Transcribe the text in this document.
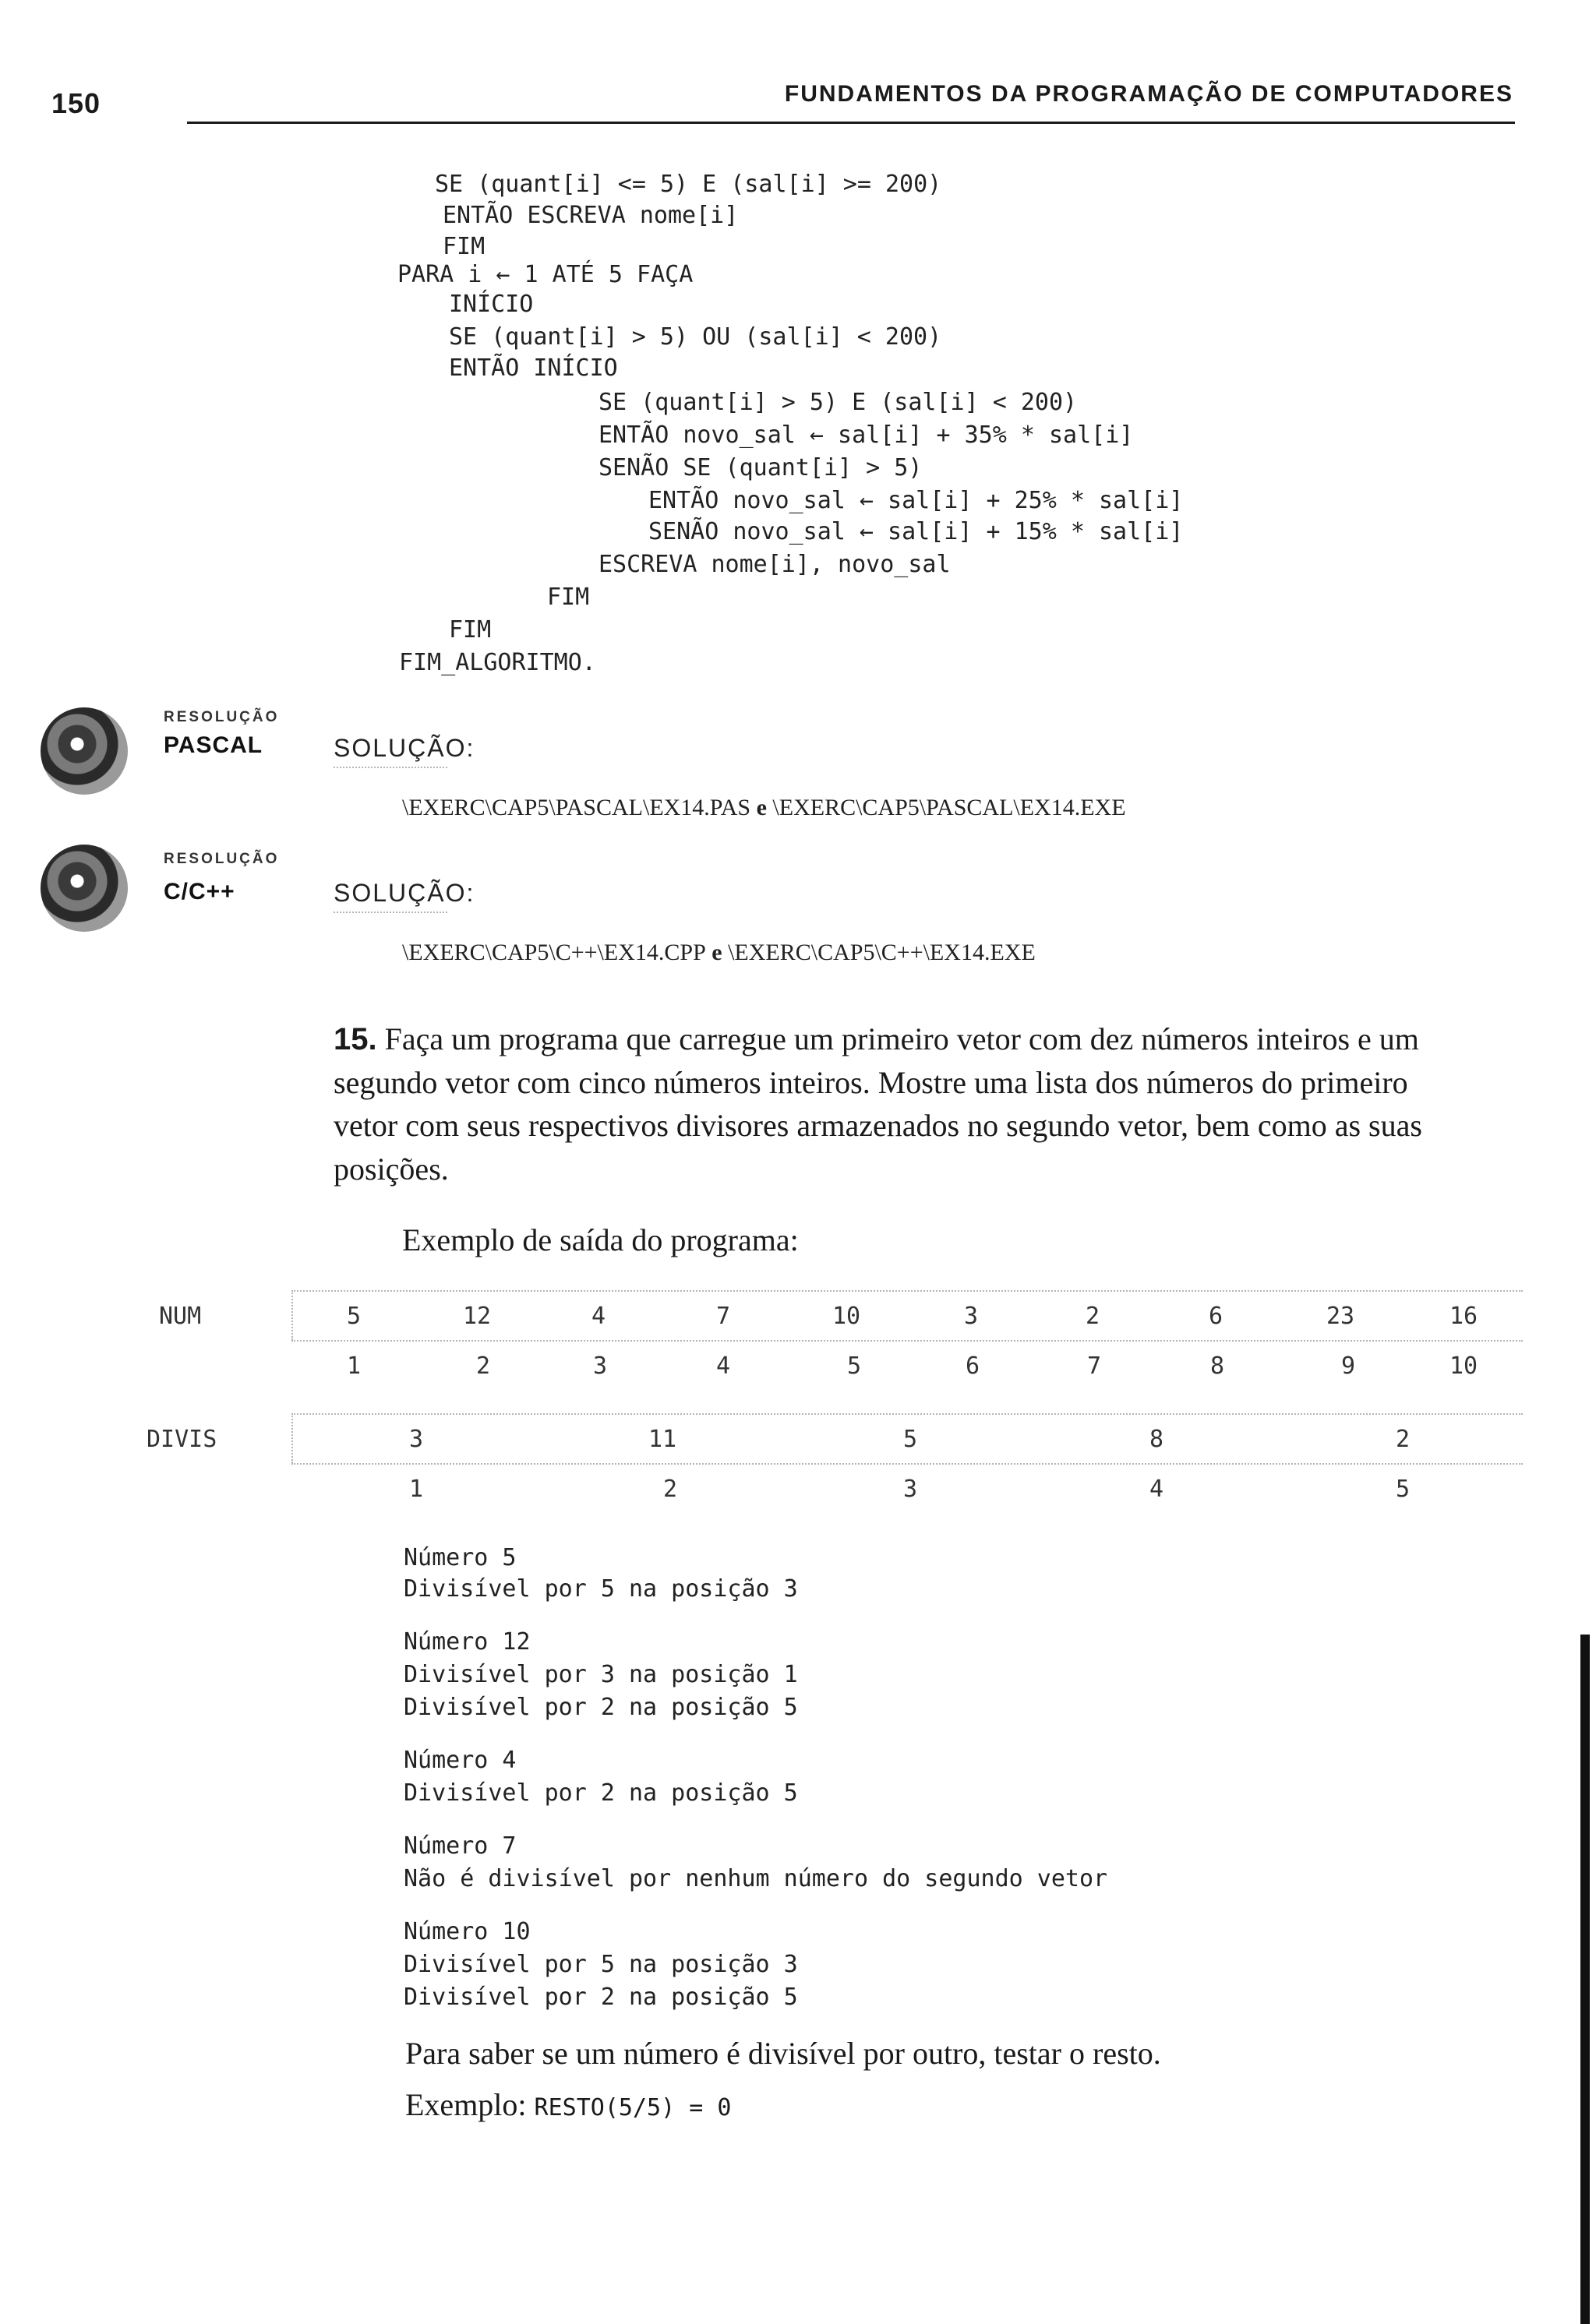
150	FUNDAMENTOS DA PROGRAMAÇÃO DE COMPUTADORES
SE (quant[i] <= 5) E (sal[i] >= 200)
ENTÃO ESCREVA nome[i]
FIM
PARA i ← 1 ATÉ 5 FAÇA
INÍCIO
SE (quant[i] > 5) OU (sal[i] < 200)
ENTÃO INÍCIO
SE (quant[i] > 5) E (sal[i] < 200)
ENTÃO novo_sal ← sal[i] + 35% * sal[i]
SENÃO SE (quant[i] > 5)
ENTÃO novo_sal ← sal[i] + 25% * sal[i]
SENÃO novo_sal ← sal[i] + 15% * sal[i]
ESCREVA nome[i], novo_sal
FIM
FIM
FIM_ALGORITMO.
RESOLUÇÃO
PASCAL	SOLUÇÃO:
\EXERC\CAP5\PASCAL\EX14.PAS e \EXERC\CAP5\PASCAL\EX14.EXE
RESOLUÇÃO
C/C++	SOLUÇÃO:
\EXERC\CAP5\C++\EX14.CPP e \EXERC\CAP5\C++\EX14.EXE
15. Faça um programa que carregue um primeiro vetor com dez números inteiros e um
segundo vetor com cinco números inteiros. Mostre uma lista dos números do primeiro
vetor com seus respectivos divisores armazenados no segundo vetor, bem como as suas
posições.
Exemplo de saída do programa:
NUM	5	12	4	7	10	3	2	6	23	16
1	2	3	4	5	6	7	8	9	10
DIVIS	3	11	5	8	2
1	2	3	4	5
Número 5
Divisível por 5 na posição 3
Número 12
Divisível por 3 na posição 1
Divisível por 2 na posição 5
Número 4
Divisível por 2 na posição 5
Número 7
Não é divisível por nenhum número do segundo vetor
Número 10
Divisível por 5 na posição 3
Divisível por 2 na posição 5
Para saber se um número é divisível por outro, testar o resto.
Exemplo: RESTO(5/5) = 0
